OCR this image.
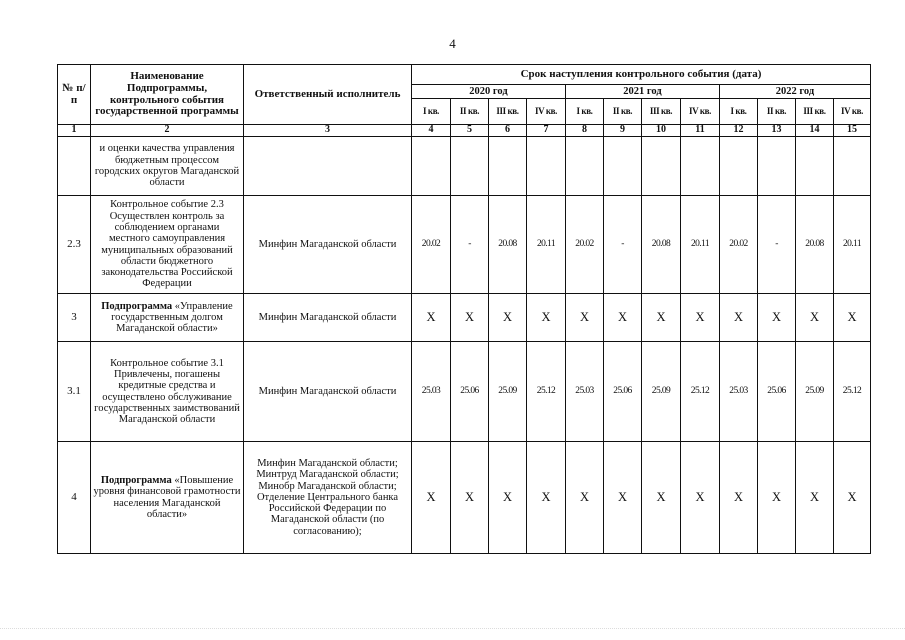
4
№ п/п	Наименование Подпрограммы, контрольного события государственной программы	Ответственный исполнитель	Срок наступления контрольного события (дата)											
			2020 год				2021 год				2022 год			
			I кв.	II кв.	III кв.	IV кв.	I кв.	II кв.	III кв.	IV кв.	I кв.	II кв.	III кв.	IV кв.
1	2	3	4	5	6	7	8	9	10	11	12	13	14	15
	и оценки качества управления бюджетным процессом городских округов Магаданской области													
2.3	Контрольное событие 2.3 Осуществлен контроль за соблюдением органами местного самоуправления муниципальных образований области бюджетного законодательства Российской Федерации	Минфин Магаданской области	20.02	-	20.08	20.11	20.02	-	20.08	20.11	20.02	-	20.08	20.11
3	Подпрограмма «Управление государственным долгом Магаданской области»	Минфин Магаданской области	Х	Х	Х	Х	Х	Х	Х	Х	Х	Х	Х	Х
3.1	Контрольное событие 3.1 Привлечены, погашены кредитные средства и осуществлено обслуживание государственных заимствований Магаданской области	Минфин Магаданской области	25.03	25.06	25.09	25.12	25.03	25.06	25.09	25.12	25.03	25.06	25.09	25.12
4	Подпрограмма «Повышение уровня финансовой грамотности населения Магаданской области»	Минфин Магаданской области; Минтруд Магаданской области; Минобр Магаданской области; Отделение Центрального банка Российской Федерации по Магаданской области (по согласованию);	Х	Х	Х	Х	Х	Х	Х	Х	Х	Х	Х	Х
